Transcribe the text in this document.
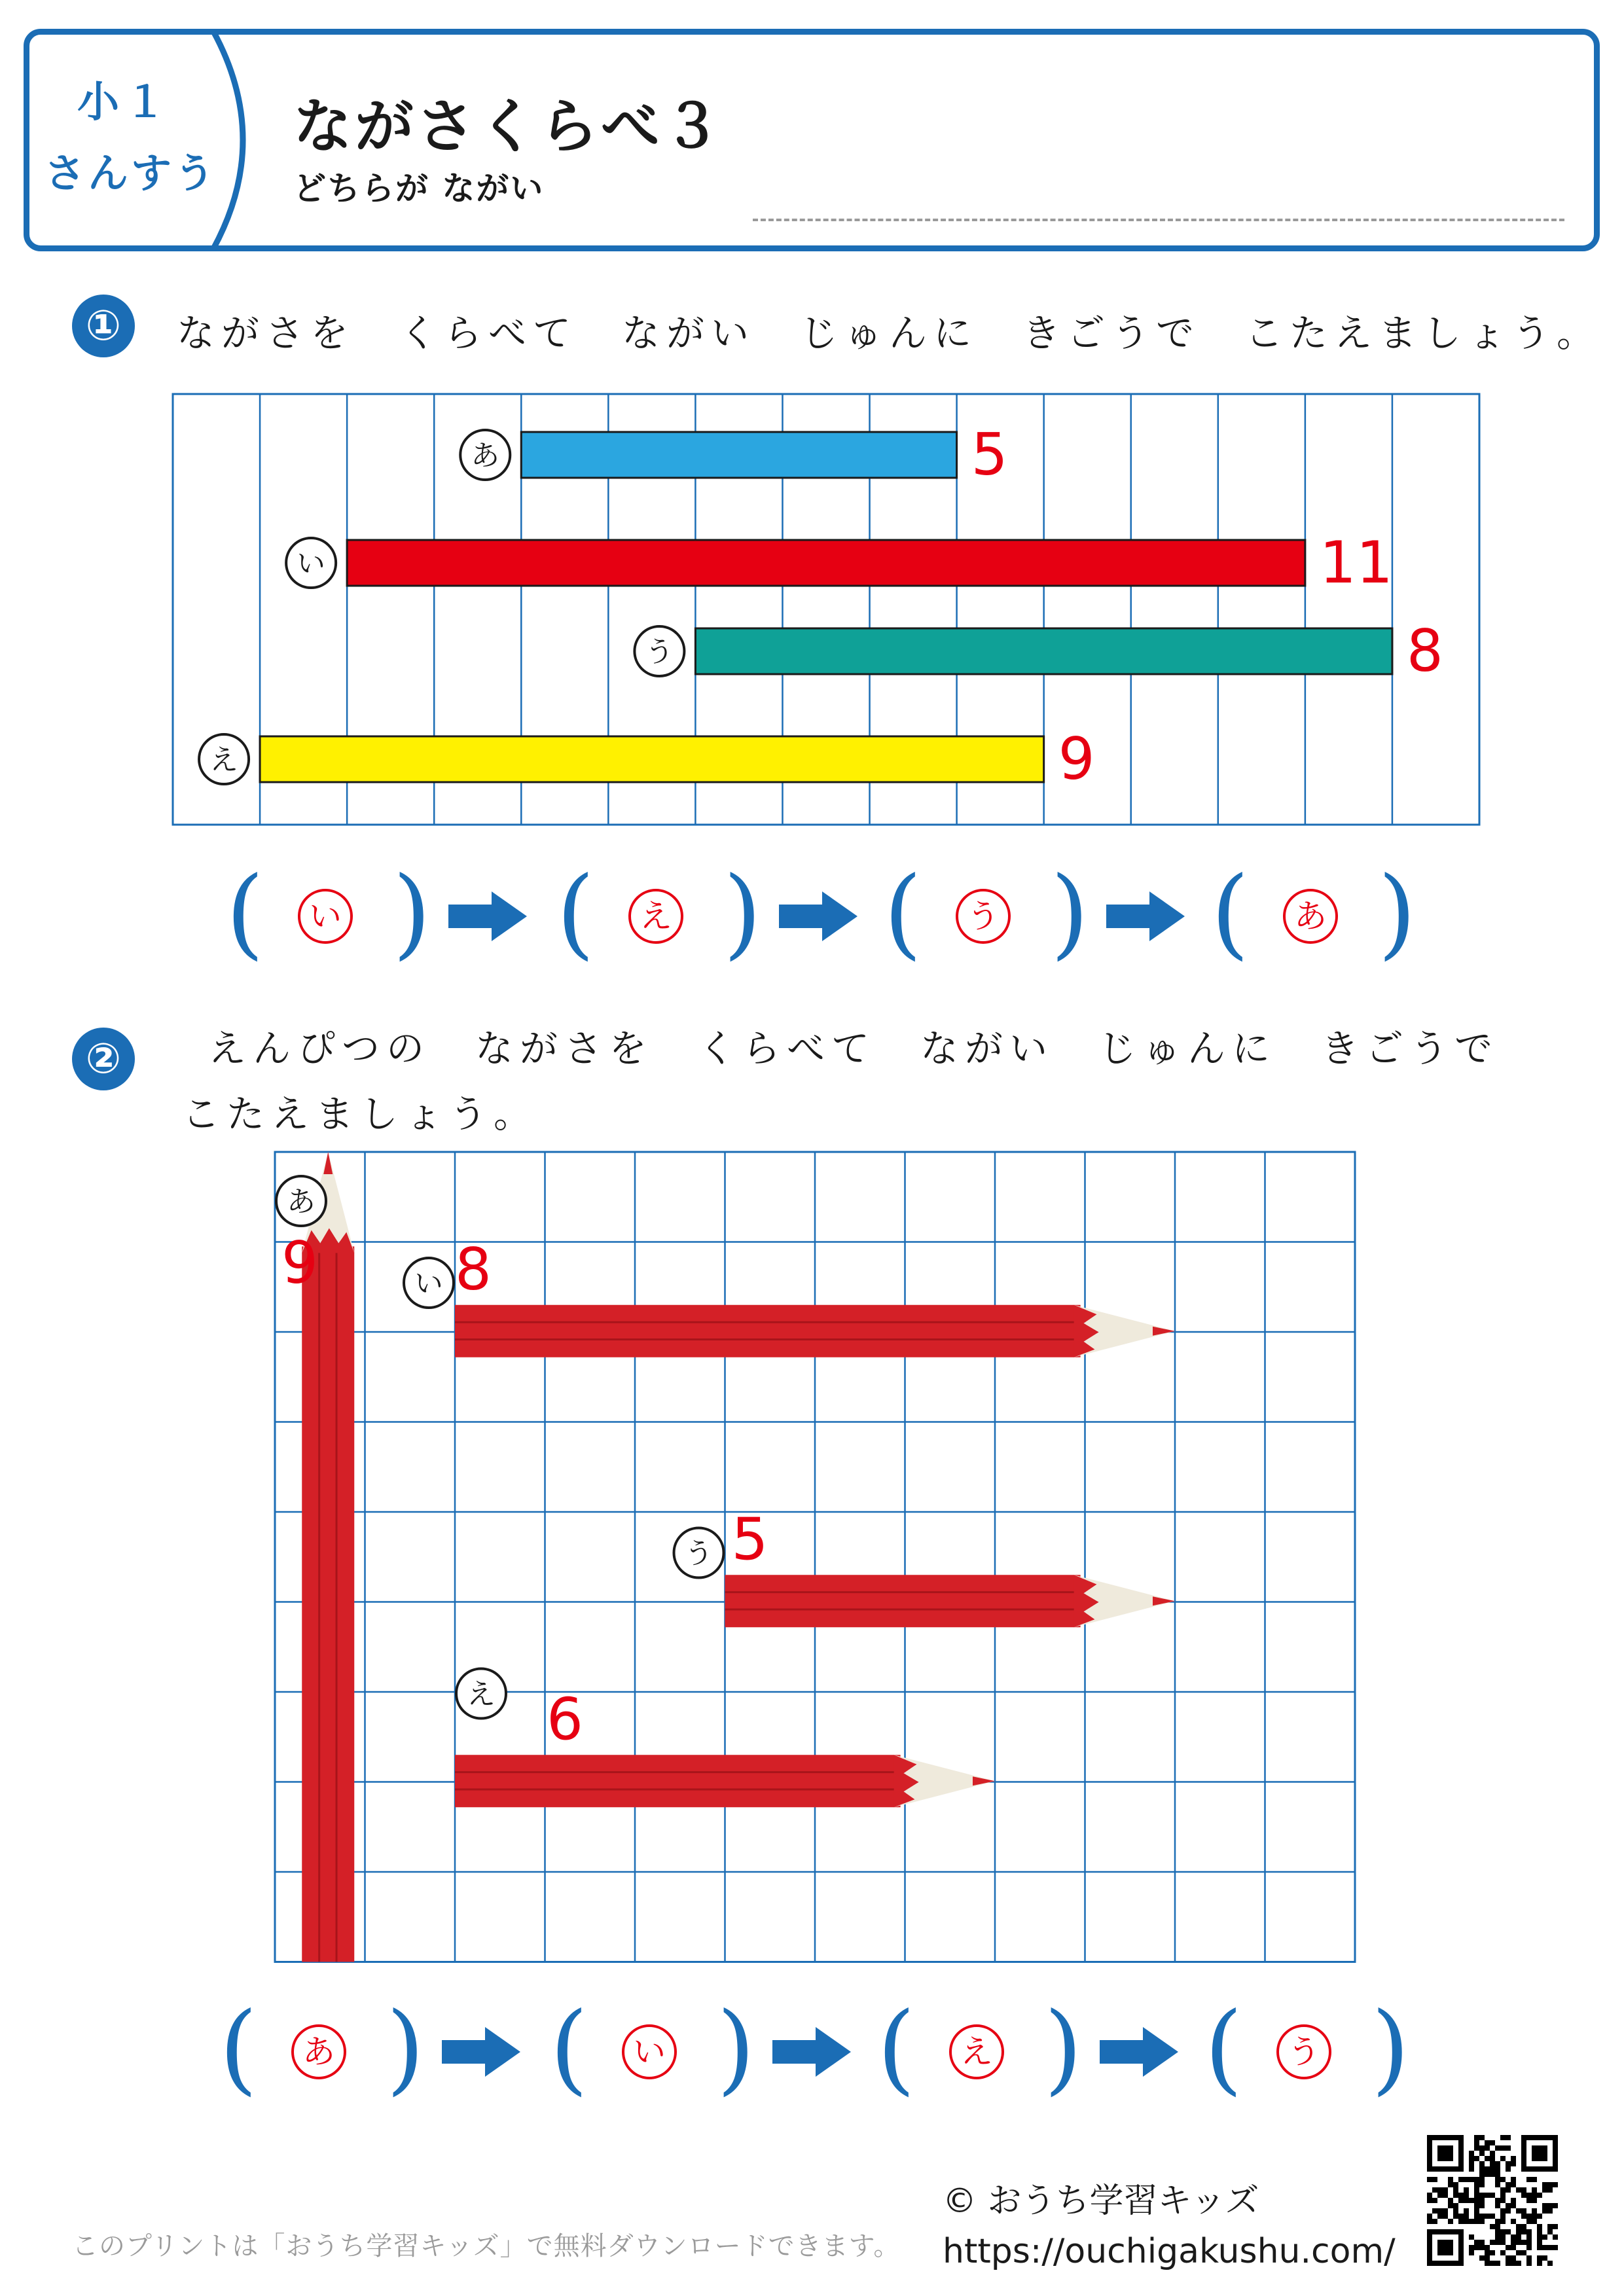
小１
さんすう
ながさくらべ３
どちらが ながい
①	ながさを　くらべて　ながい　じゅんに　きごうで　こたえましょう。
あ	5
い	11
う	8
え	9
(	い ) (	え ) (	う ) (	あ )
②	えんぴつの　ながさを　くらべて　ながい　じゅんに　きごうで
こたえましょう。
あ
9	い 8
う 5
え 6
(	あ ) (	い ) (	え ) (	う )
このプリントは「おうち学習キッズ」で無料ダウンロードできます。
© おうち学習キッズ
https://ouchigakushu.com/
